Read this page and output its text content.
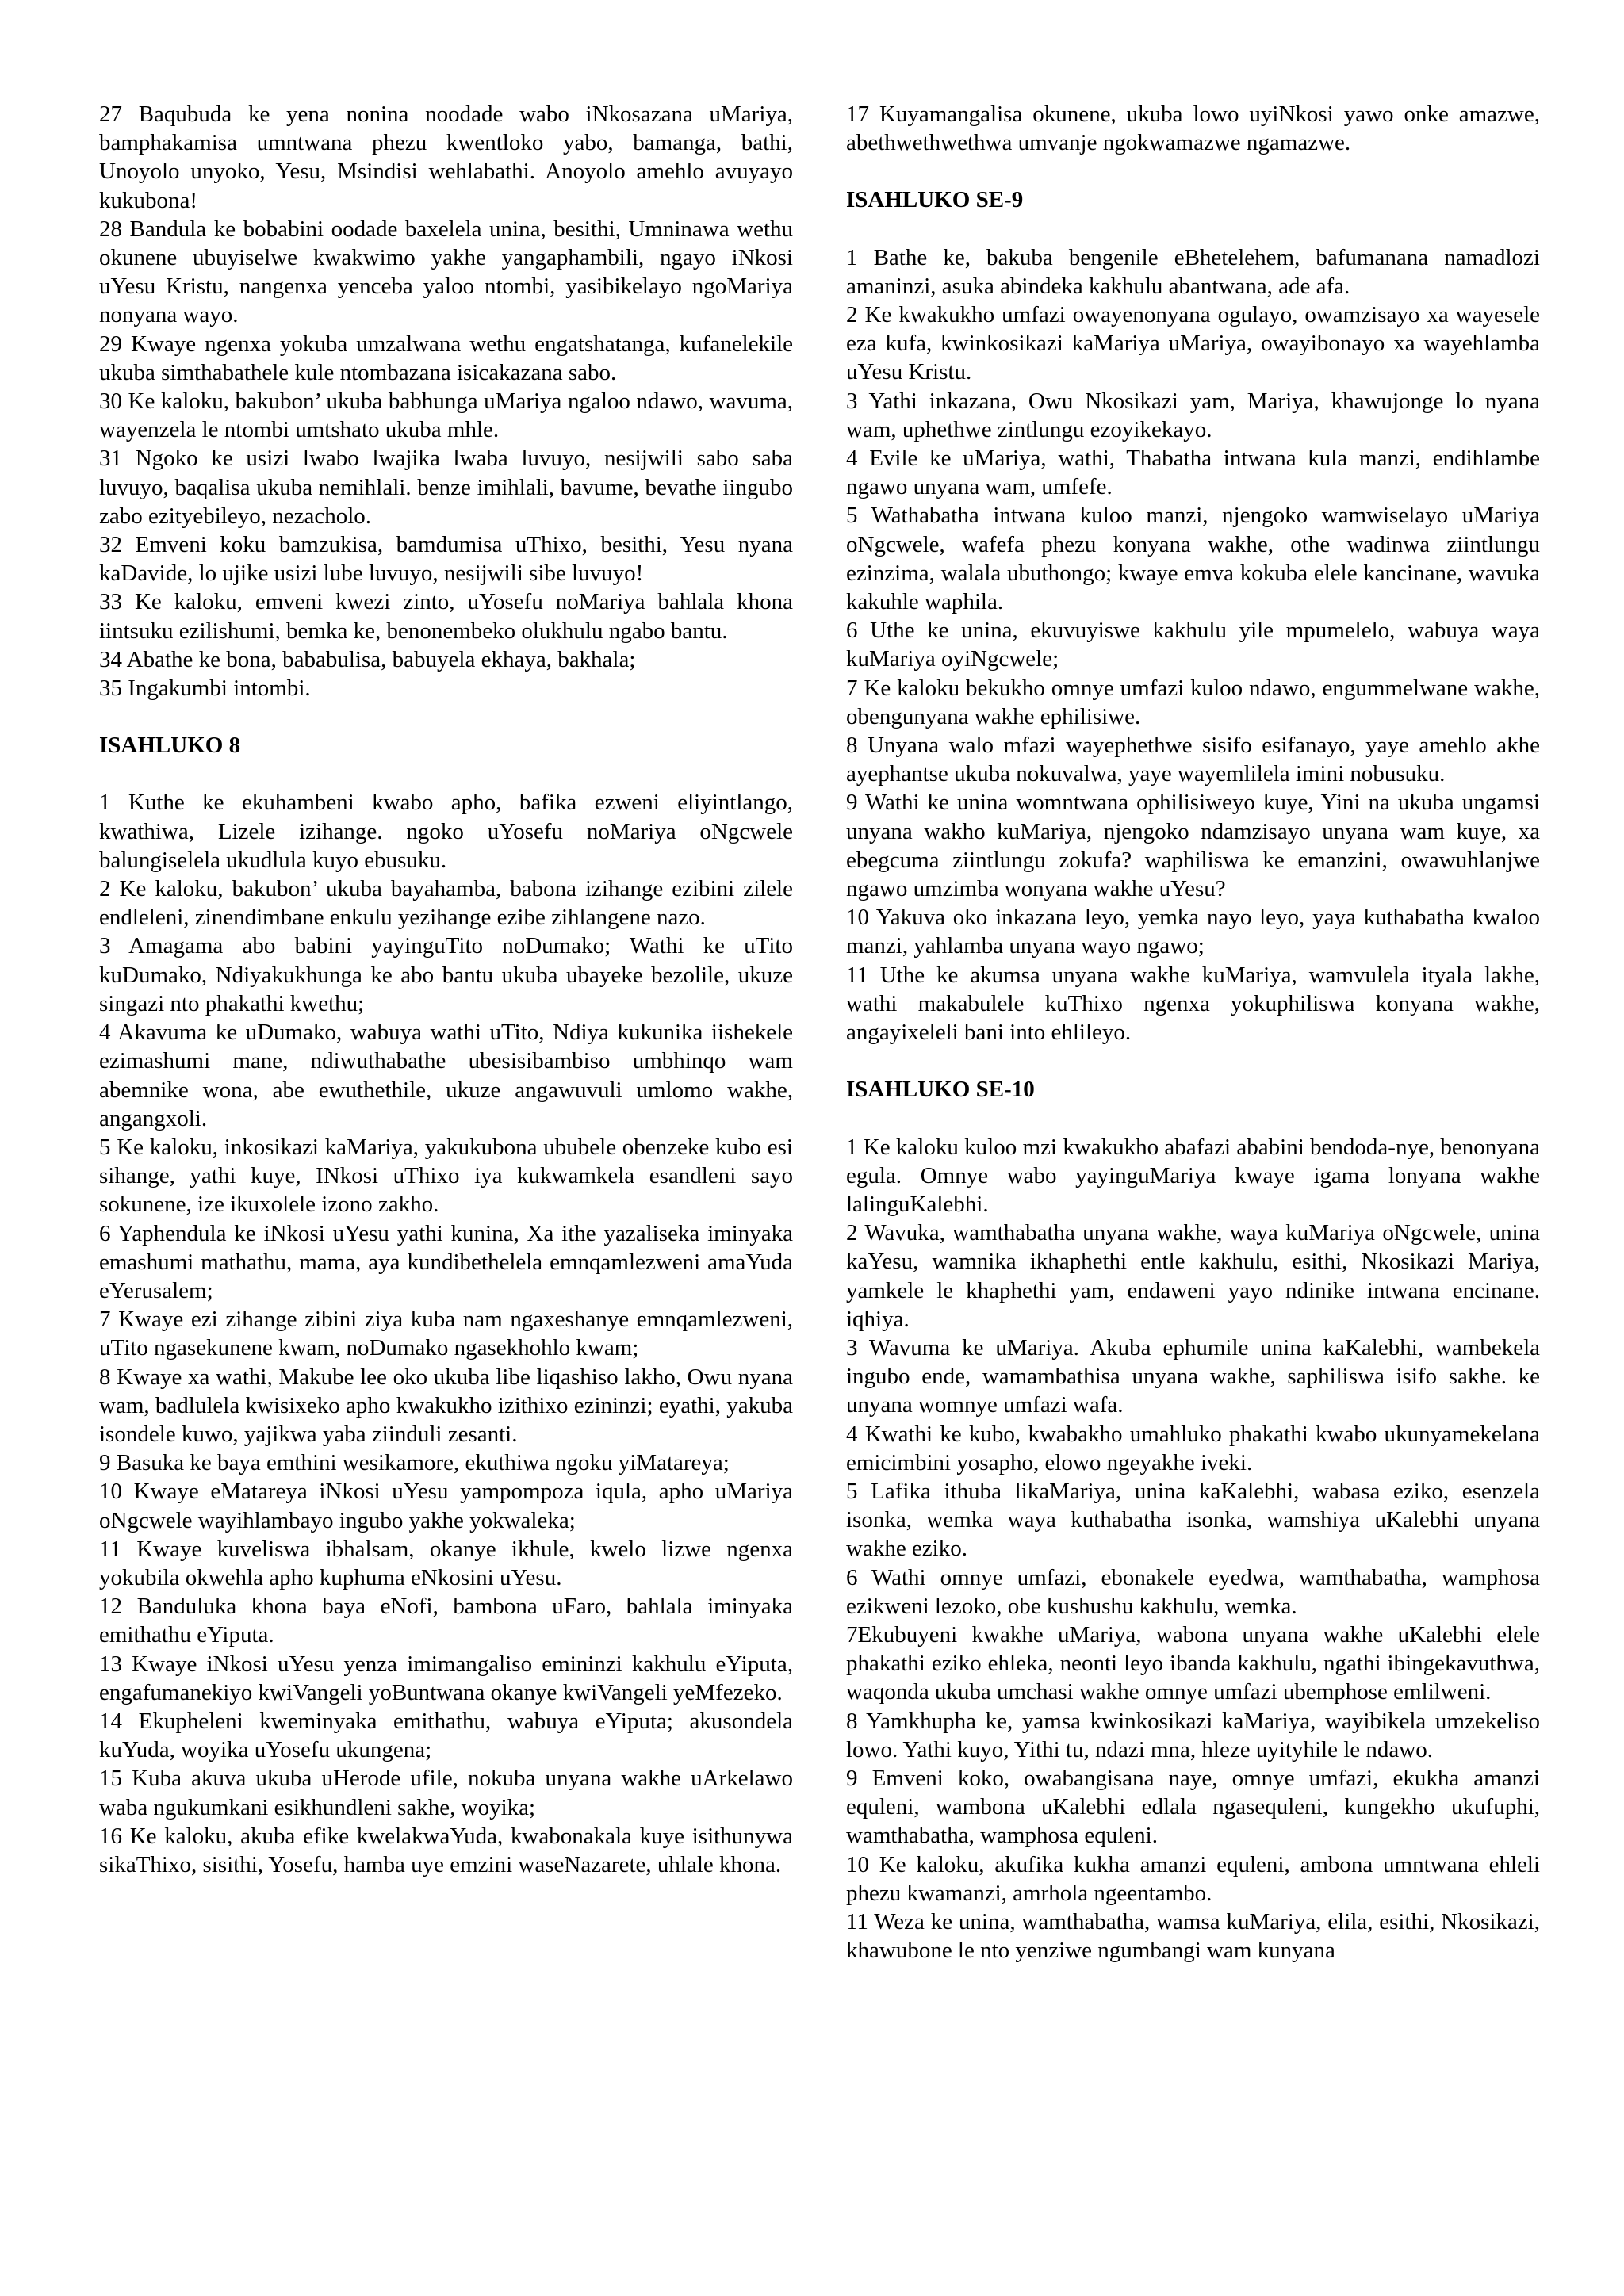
27 Baqubuda ke yena nonina noodade wabo iNkosazana uMariya, bamphakamisa umntwana phezu kwentloko yabo, bamanga, bathi, Unoyolo unyoko, Yesu, Msindisi wehlabathi. Anoyolo amehlo avuyayo kukubona!

28 Bandula ke bobabini oodade baxelela unina, besithi, Umninawa wethu okunene ubuyiselwe kwakwimo yakhe yangaphambili, ngayo iNkosi uYesu Kristu, nangenxa yenceba yaloo ntombi, yasibikelayo ngoMariya nonyana wayo.

29 Kwaye ngenxa yokuba umzalwana wethu engatshatanga, kufanelekile ukuba simthabathele kule ntombazana isicakazana sabo.

30 Ke kaloku, bakubon’ ukuba babhunga uMariya ngaloo ndawo, wavuma, wayenzela le ntombi umtshato ukuba mhle.

31 Ngoko ke usizi lwabo lwajika lwaba luvuyo, nesijwili sabo saba luvuyo, baqalisa ukuba nemihlali. benze imihlali, bavume, bevathe iingubo zabo ezityebileyo, nezacholo.

32 Emveni koku bamzukisa, bamdumisa uThixo, besithi, Yesu nyana kaDavide, lo ujike usizi lube luvuyo, nesijwili sibe luvuyo!

33 Ke kaloku, emveni kwezi zinto, uYosefu noMariya bahlala khona iintsuku ezilishumi, bemka ke, benonembeko olukhulu ngabo bantu.

34 Abathe ke bona, bababulisa, babuyela ekhaya, bakhala;

35 Ingakumbi intombi.

ISAHLUKO 8

1 Kuthe ke ekuhambeni kwabo apho, bafika ezweni eliyintlango, kwathiwa, Lizele izihange. ngoko uYosefu noMariya oNgcwele balungiselela ukudlula kuyo ebusuku.

2 Ke kaloku, bakubon’ ukuba bayahamba, babona izihange ezibini zilele endleleni, zinendimbane enkulu yezihange ezibe zihlangene nazo.

3 Amagama abo babini yayinguTito noDumako; Wathi ke uTito kuDumako, Ndiyakukhunga ke abo bantu ukuba ubayeke bezolile, ukuze singazi nto phakathi kwethu;

4 Akavuma ke uDumako, wabuya wathi uTito, Ndiya kukunika iishekele ezimashumi mane, ndiwuthabathe ubesisibambiso umbhinqo wam abemnike wona, abe ewuthethile, ukuze angawuvuli umlomo wakhe, angangxoli.

5 Ke kaloku, inkosikazi kaMariya, yakukubona ububele obenzeke kubo esi sihange, yathi kuye, INkosi uThixo iya kukwamkela esandleni sayo sokunene, ize ikuxolele izono zakho.

6 Yaphendula ke iNkosi uYesu yathi kunina, Xa ithe yazaliseka iminyaka emashumi mathathu, mama, aya kundibethelela emnqamlezweni amaYuda eYerusalem;

7 Kwaye ezi zihange zibini ziya kuba nam ngaxeshanye emnqamlezweni, uTito ngasekunene kwam, noDumako ngasekhohlo kwam;

8 Kwaye xa wathi, Makube lee oko ukuba libe liqashiso lakho, Owu nyana wam, badlulela kwisixeko apho kwakukho izithixo ezininzi; eyathi, yakuba isondele kuwo, yajikwa yaba ziinduli zesanti.

9 Basuka ke baya emthini wesikamore, ekuthiwa ngoku yiMatareya;

10 Kwaye eMatareya iNkosi uYesu yampompoza iqula, apho uMariya oNgcwele wayihlambayo ingubo yakhe yokwaleka;

11 Kwaye kuveliswa ibhalsam, okanye ikhule, kwelo lizwe ngenxa yokubila okwehla apho kuphuma eNkosini uYesu.

12 Banduluka khona baya eNofi, bambona uFaro, bahlala iminyaka emithathu eYiputa.

13 Kwaye iNkosi uYesu yenza imimangaliso emininzi kakhulu eYiputa, engafumanekiyo kwiVangeli yoBuntwana okanye kwiVangeli yeMfezeko.

14 Ekupheleni kweminyaka emithathu, wabuya eYiputa; akusondela kuYuda, woyika uYosefu ukungena;

15 Kuba akuva ukuba uHerode ufile, nokuba unyana wakhe uArkelawo waba ngukumkani esikhundleni sakhe, woyika;

16 Ke kaloku, akuba efike kwelakwaYuda, kwabonakala kuye isithunywa sikaThixo, sisithi, Yosefu, hamba uye emzini waseNazarete, uhlale khona.

17 Kuyamangalisa okunene, ukuba lowo uyiNkosi yawo onke amazwe, abethwethwethwa umvanje ngokwamazwe ngamazwe.

ISAHLUKO SE-9

1 Bathe ke, bakuba bengenile eBhetelehem, bafumanana namadlozi amaninzi, asuka abindeka kakhulu abantwana, ade afa.

2 Ke kwakukho umfazi owayenonyana ogulayo, owamzisayo xa wayesele eza kufa, kwinkosikazi kaMariya uMariya, owayibonayo xa wayehlamba uYesu Kristu.

3 Yathi inkazana, Owu Nkosikazi yam, Mariya, khawujonge lo nyana wam, uphethwe zintlungu ezoyikekayo.

4 Evile ke uMariya, wathi, Thabatha intwana kula manzi, endihlambe ngawo unyana wam, umfefe.

5 Wathabatha intwana kuloo manzi, njengoko wamwiselayo uMariya oNgcwele, wafefa phezu konyana wakhe, othe wadinwa ziintlungu ezinzima, walala ubuthongo; kwaye emva kokuba elele kancinane, wavuka kakuhle waphila.

6 Uthe ke unina, ekuvuyiswe kakhulu yile mpumelelo, wabuya waya kuMariya oyiNgcwele;

7 Ke kaloku bekukho omnye umfazi kuloo ndawo, engummelwane wakhe, obengunyana wakhe ephilisiwe.

8 Unyana walo mfazi wayephethwe sisifo esifanayo, yaye amehlo akhe ayephantse ukuba nokuvalwa, yaye wayemlilela imini nobusuku.

9 Wathi ke unina womntwana ophilisiweyo kuye, Yini na ukuba ungamsi unyana wakho kuMariya, njengoko ndamzisayo unyana wam kuye, xa ebegcuma ziintlungu zokufa? waphiliswa ke emanzini, owawuhlanjwe ngawo umzimba wonyana wakhe uYesu?

10 Yakuva oko inkazana leyo, yemka nayo leyo, yaya kuthabatha kwaloo manzi, yahlamba unyana wayo ngawo;

11 Uthe ke akumsa unyana wakhe kuMariya, wamvulela ityala lakhe, wathi makabulele kuThixo ngenxa yokuphiliswa konyana wakhe, angayixeleli bani into ehlileyo.

ISAHLUKO SE-10

1 Ke kaloku kuloo mzi kwakukho abafazi ababini bendoda-nye, benonyana egula. Omnye wabo yayinguMariya kwaye igama lonyana wakhe lalinguKalebhi.

2 Wavuka, wamthabatha unyana wakhe, waya kuMariya oNgcwele, unina kaYesu, wamnika ikhaphethi entle kakhulu, esithi, Nkosikazi Mariya, yamkele le khaphethi yam, endaweni yayo ndinike intwana encinane. iqhiya.

3 Wavuma ke uMariya. Akuba ephumile unina kaKalebhi, wambekela ingubo ende, wamambathisa unyana wakhe, saphiliswa isifo sakhe. ke unyana womnye umfazi wafa.

4 Kwathi ke kubo, kwabakho umahluko phakathi kwabo ukunyamekelana emicimbini yosapho, elowo ngeyakhe iveki.

5 Lafika ithuba likaMariya, unina kaKalebhi, wabasa eziko, esenzela isonka, wemka waya kuthabatha isonka, wamshiya uKalebhi unyana wakhe eziko.

6 Wathi omnye umfazi, ebonakele eyedwa, wamthabatha, wamphosa ezikweni lezoko, obe kushushu kakhulu, wemka.

7Ekubuyeni kwakhe uMariya, wabona unyana wakhe uKalebhi elele phakathi eziko ehleka, neonti leyo ibanda kakhulu, ngathi ibingekavuthwa, waqonda ukuba umchasi wakhe omnye umfazi ubemphose emlilweni.

8 Yamkhupha ke, yamsa kwinkosikazi kaMariya, wayibikela umzekeliso lowo. Yathi kuyo, Yithi tu, ndazi mna, hleze uyityhile le ndawo.

9 Emveni koko, owabangisana naye, omnye umfazi, ekukha amanzi equleni, wambona uKalebhi edlala ngasequleni, kungekho ukufuphi, wamthabatha, wamphosa equleni.

10 Ke kaloku, akufika kukha amanzi equleni, ambona umntwana ehleli phezu kwamanzi, amrhola ngeentambo.

11 Weza ke unina, wamthabatha, wamsa kuMariya, elila, esithi, Nkosikazi, khawubone le nto yenziwe ngumbangi wam kunyana
